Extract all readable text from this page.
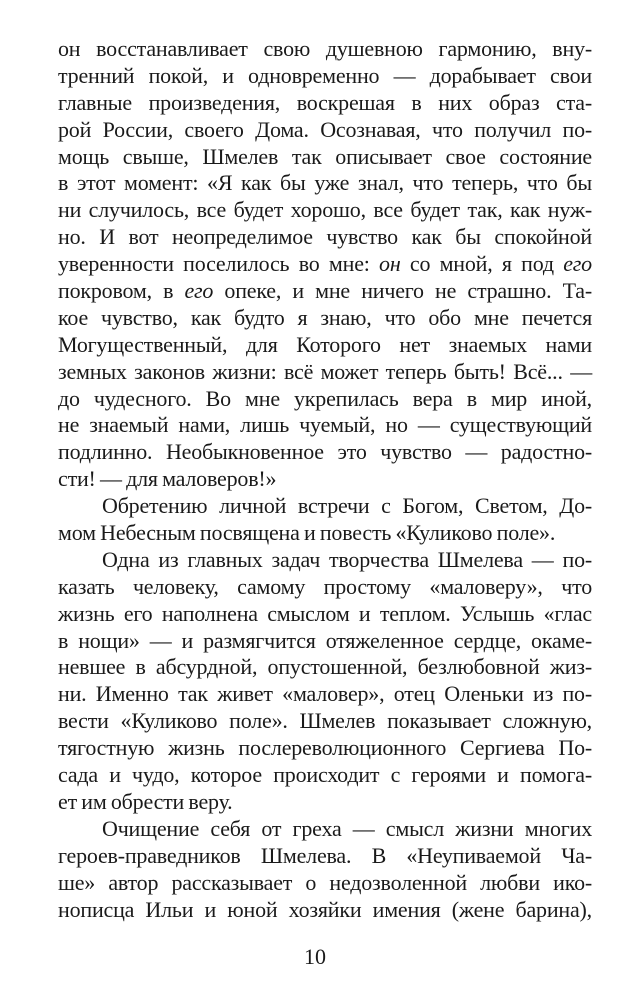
он восстанавливает свою душевною гармонию, вну-
тренний покой, и одновременно — дорабывает свои
главные произведения, воскрешая в них образ ста-
рой России, своего Дома. Осознавая, что получил по-
мощь свыше, Шмелев так описывает свое состояние
в этот момент: «Я как бы уже знал, что теперь, что бы
ни случилось, все будет хорошо, все будет так, как нуж-
но. И вот неопределимое чувство как бы спокойной
уверенности поселилось во мне: он со мной, я под его
покровом, в его опеке, и мне ничего не страшно. Та-
кое чувство, как будто я знаю, что обо мне печется
Могущественный, для Которого нет знаемых нами
земных законов жизни: всё может теперь быть! Всё... —
до чудесного. Во мне укрепилась вера в мир иной,
не знаемый нами, лишь чуемый, но — существующий
подлинно. Необыкновенное это чувство — радостно-
сти! — для маловеров!»
Обретению личной встречи с Богом, Светом, До-
мом Небесным посвящена и повесть «Куликово поле».
Одна из главных задач творчества Шмелева — по-
казать человеку, самому простому «маловеру», что
жизнь его наполнена смыслом и теплом. Услышь «глас
в нощи» — и размягчится отяжеленное сердце, окаме-
невшее в абсурдной, опустошенной, безлюбовной жиз-
ни. Именно так живет «маловер», отец Оленьки из по-
вести «Куликово поле». Шмелев показывает сложную,
тягостную жизнь послереволюционного Сергиева По-
сада и чудо, которое происходит с героями и помога-
ет им обрести веру.
Очищение себя от греха — смысл жизни многих
героев-праведников Шмелева. В «Неупиваемой Ча-
ше» автор рассказывает о недозволенной любви ико-
нописца Ильи и юной хозяйки имения (жене барина),
10
